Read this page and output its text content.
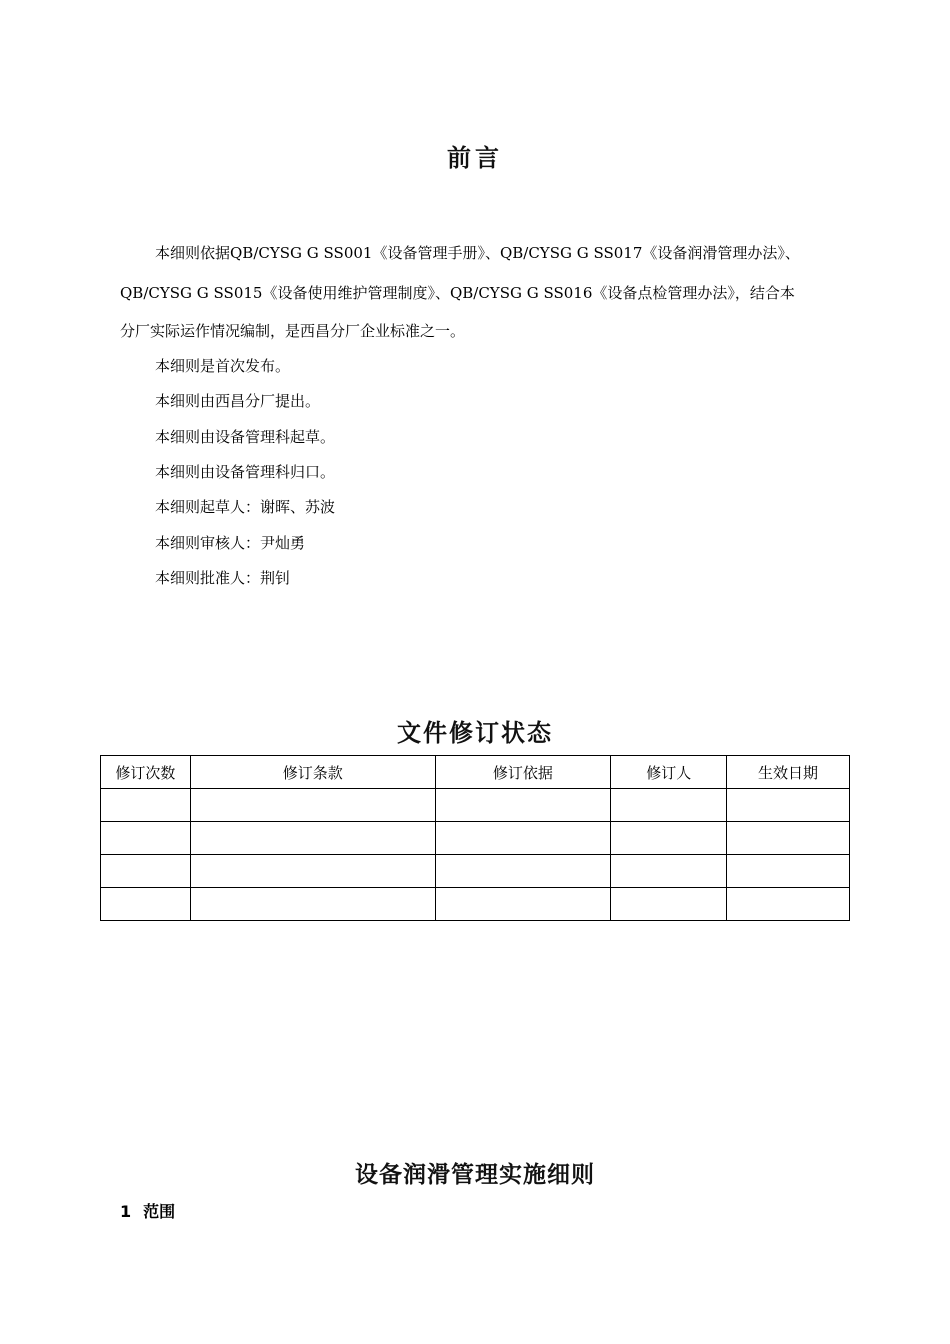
前言
本细则依据QB/CYSG G SS001《设备管理手册》、QB/CYSG G SS017《设备润滑管理办法》、
QB/CYSG G SS015《设备使用维护管理制度》、QB/CYSG G SS016《设备点检管理办法》，结合本
分厂实际运作情况编制，是西昌分厂企业标准之一。
本细则是首次发布。
本细则由西昌分厂提出。
本细则由设备管理科起草。
本细则由设备管理科归口。
本细则起草人：谢晖、苏波
本细则审核人：尹灿勇
本细则批准人：荆钊
文件修订状态
修订次数	修订条款	修订依据	修订人	生效日期

设备润滑管理实施细则
1 范围
